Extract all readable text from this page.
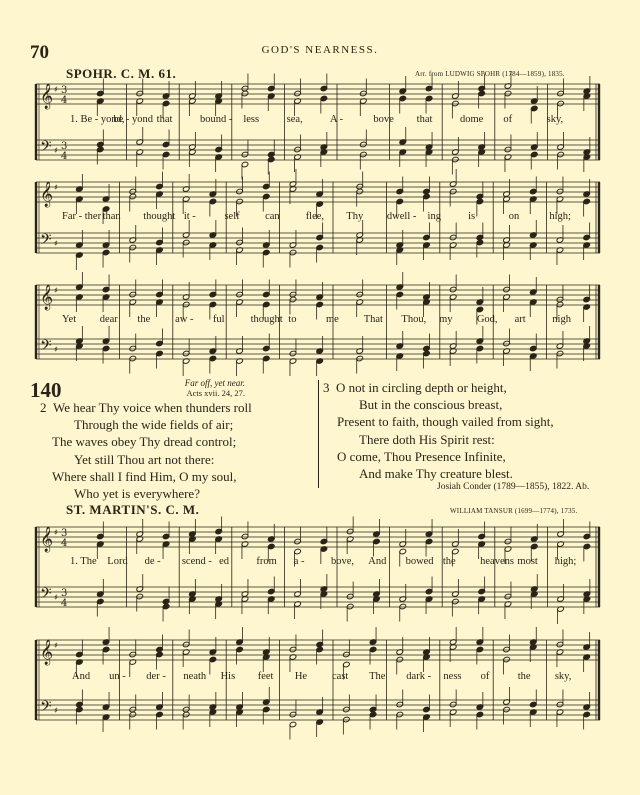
70	GOD'S NEARNESS.
SPOHR. C. M. 61.	Arr. from LUDWIG SPOHR (1784—1859), 1835.
𝄞
𝄢
♯
♯
3
4
3
4
𝄞
𝄢
♯
♯
𝄞
𝄢
♯
♯
𝄞
𝄢
♯
♯
3
4
3
4
𝄞
𝄢
♯
♯
1. Be - yond,
be - yond that	bound - less	sea,	A -	bove that	dome of	sky,
Far - ther than thought it -	self can flee, Thy dwell - ing	is	on	high;
Yet dear the aw - ful thought to	me That Thou, my God, art	nigh
140	Far off, yet near.
Acts xvii. 24, 27.
2 We hear Thy voice when thunders roll
Through the wide fields of air;
The waves obey Thy dread control;
Yet still Thou art not there:
Where shall I find Him, O my soul,
Who yet is everywhere?
3 O not in circling depth or height,
But in the conscious breast,
Present to faith, though vailed from sight,
There doth His Spirit rest:
O come, Thou Presence Infinite,
And make Thy creature blest.
Josiah Conder (1789—1855), 1822. Ab.
ST. MARTIN'S. C. M.	WILLIAM TANSUR (1699—1774), 1735.
1. The Lord de - scend - ed	from a -	bove, And bowed the heavens most high;
And un - der - neath His feet He cast The dark - ness of	the sky,
